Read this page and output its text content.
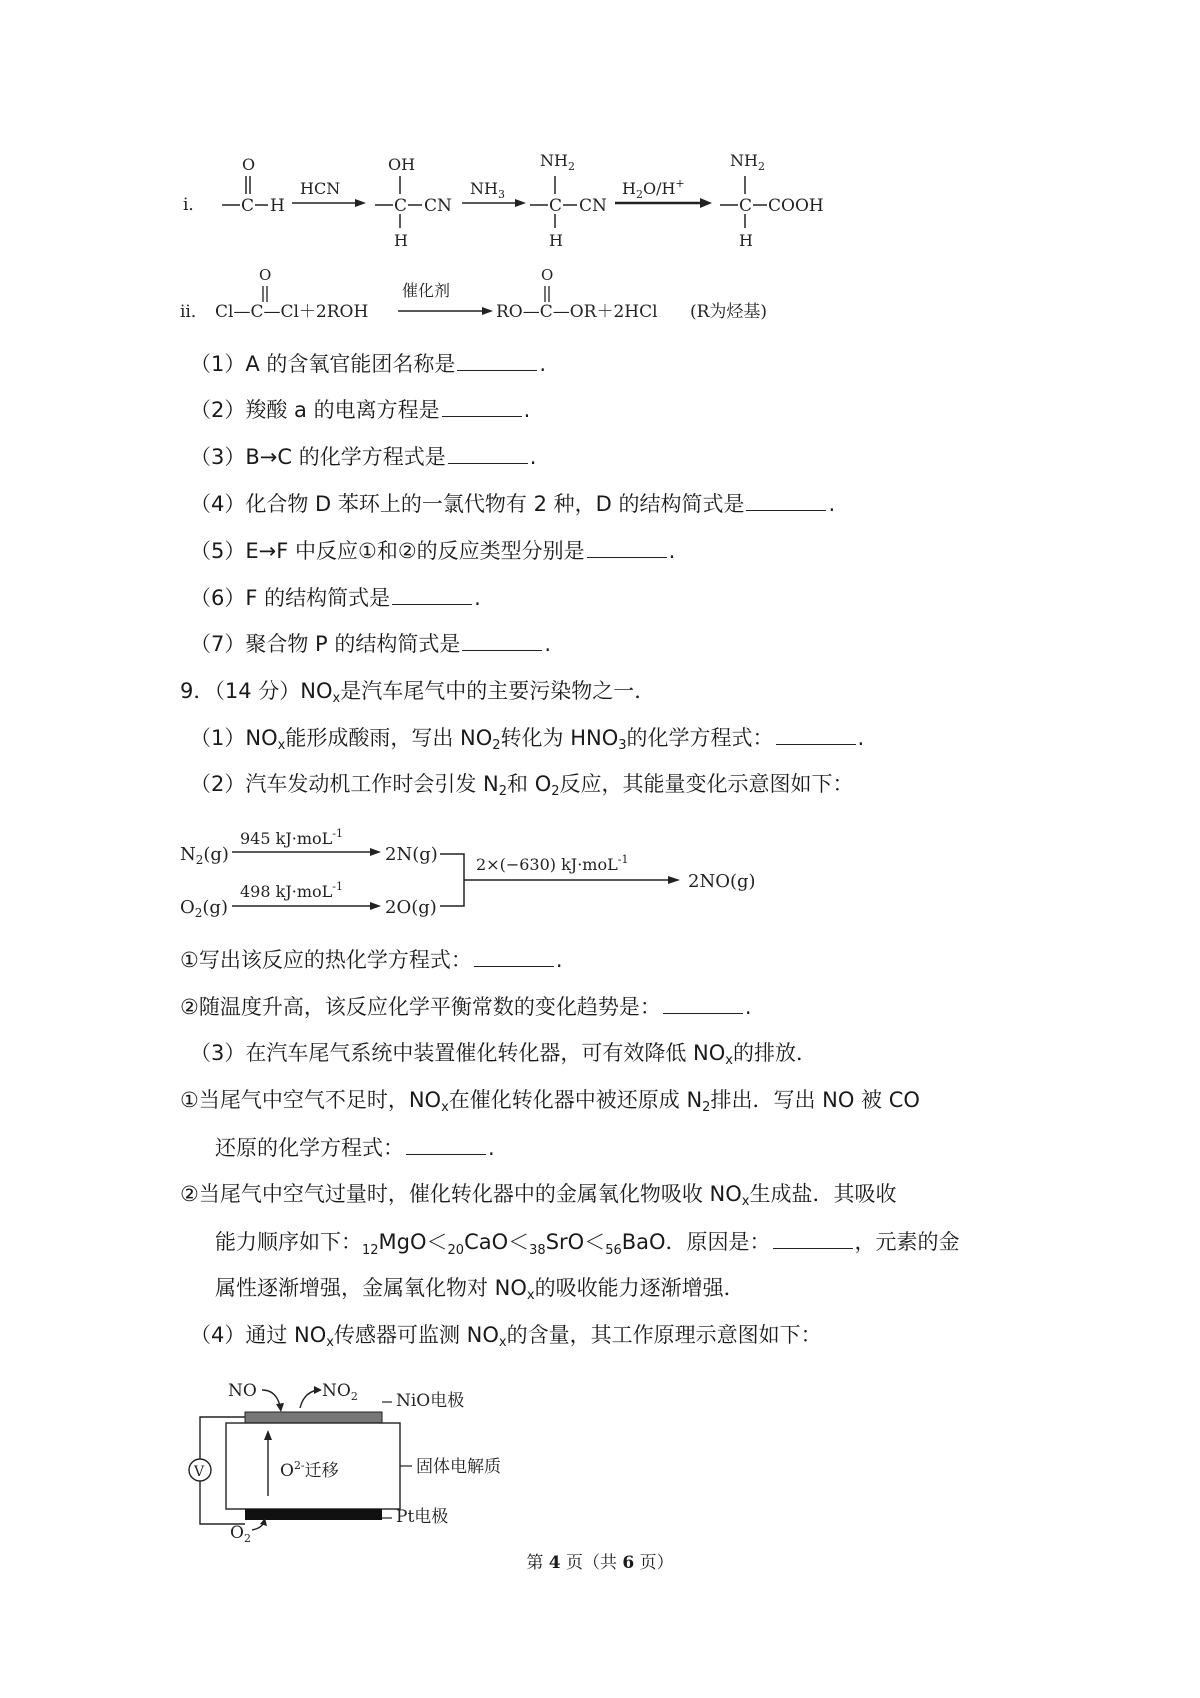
i． C
O
H
HCN
C
OH
H
CN
$NH_3$
C
$NH_2$
H
CN
$H_2O/H^+$
C
$NH_2$
H
COOH
ii． Cl—C—Cl＋2ROH
O
催化剂
RO—C—OR＋2HCl
O
(R为烃基)
（1）A 的含氧官能团名称是	.
（2）羧酸 a 的电离方程是	.
（3）B→C 的化学方程式是	.
（4）化合物 D 苯环上的一氯代物有 2 种，D 的结构简式是	.
（5）E→F 中反应①和②的反应类型分别是	.
（6）F 的结构简式是	.
（7）聚合物 P 的结构简式是	.
9．（14 分）$NO_x$是汽车尾气中的主要污染物之一．
$(1)NO_x$能形成酸雨，写出 $NO_2$转化为 $HNO_3$的化学方程式：	.
（2）汽车发动机工作时会引发 $N_2$和 $O_2$反应，其能量变化示意图如下：
$N_2(g)$
945 kJ·moL$^{-1}$
2N(g)
$O_2(g)$
498 kJ·moL$^{-1}$
2O(g)
2×(−630) kJ·moL$^{-1}$
2NO(g)
①写出该反应的热化学方程式：	.
②随温度升高，该反应化学平衡常数的变化趋势是：	.
（3）在汽车尾气系统中装置催化转化器，可有效降低 $NO_x$的排放．
①当尾气中空气不足时，$NO_x$在催化转化器中被还原成 $N_2$排出．写出 NO 被 CO
还原的化学方程式：	.
②当尾气中空气过量时，催化转化器中的金属氧化物吸收 $NO_x$生成盐．其吸收
能力顺序如下：$_{12}MgO<_{20}CaO<_{38}SrO<_{56}BaO$．原因是：	，元素的金
属性逐渐增强，金属氧化物对 $NO_x$的吸收能力逐渐增强．
（4）通过 $NO_x$传感器可监测 $NO_x$的含量，其工作原理示意图如下：
NO	$NO_2$ NiO电极
$O^{2-}$迁移	固体电解质
Pt电极
V
$O_2$
第 4 页（共 6 页）
